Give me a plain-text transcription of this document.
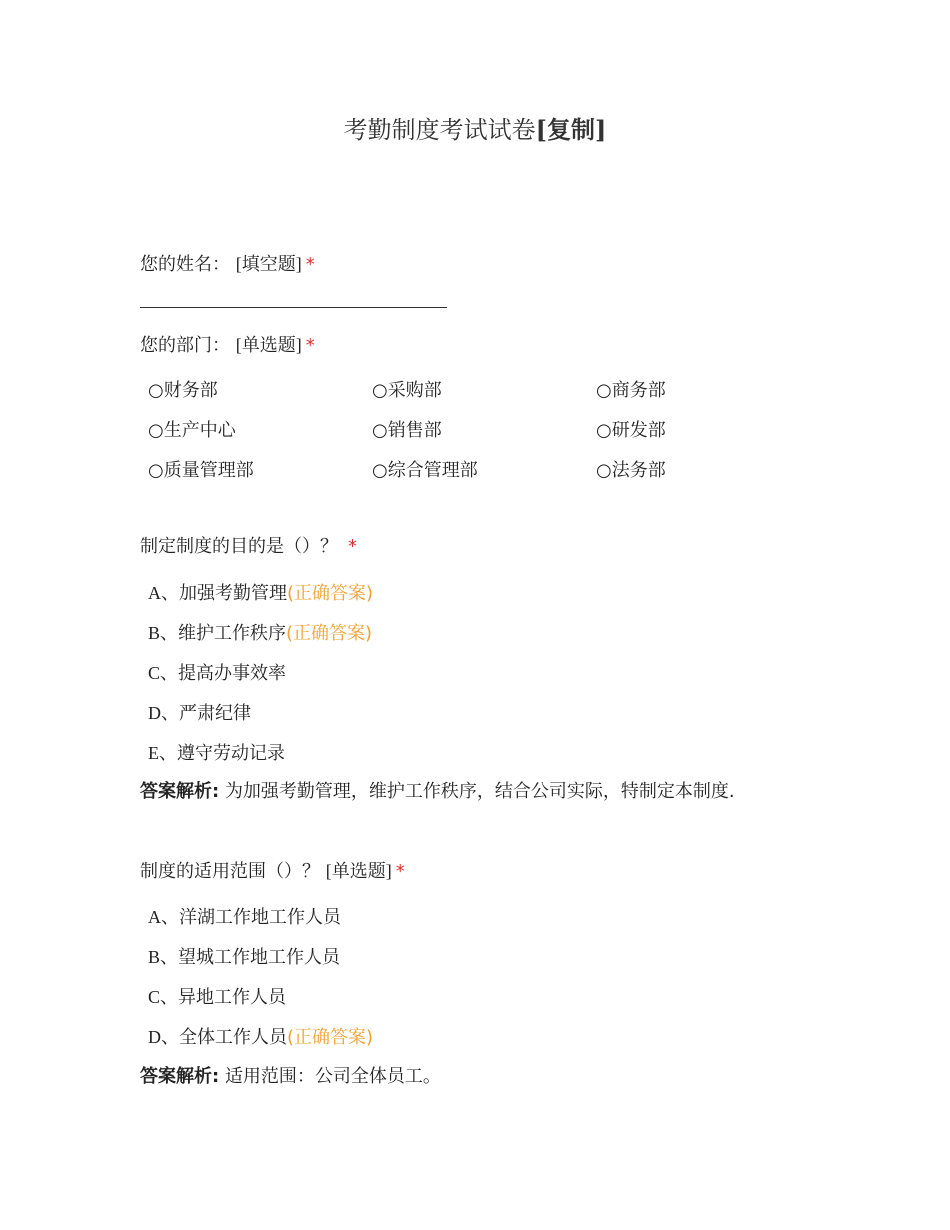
考勤制度考试试卷[复制]
您的姓名： [填空题] *
您的部门： [单选题] *
○财务部	○采购部	○商务部
○生产中心	○销售部	○研发部
○质量管理部	○综合管理部	○法务部
制定制度的目的是（）？ *
A、加强考勤管理(正确答案)
B、维护工作秩序(正确答案)
C、提高办事效率
D、严肃纪律
E、遵守劳动记录
答案解析: 为加强考勤管理，维护工作秩序，结合公司实际，特制定本制度.
制度的适用范围（）？ [单选题] *
A、洋湖工作地工作人员
B、望城工作地工作人员
C、异地工作人员
D、全体工作人员(正确答案)
答案解析: 适用范围：公司全体员工。
